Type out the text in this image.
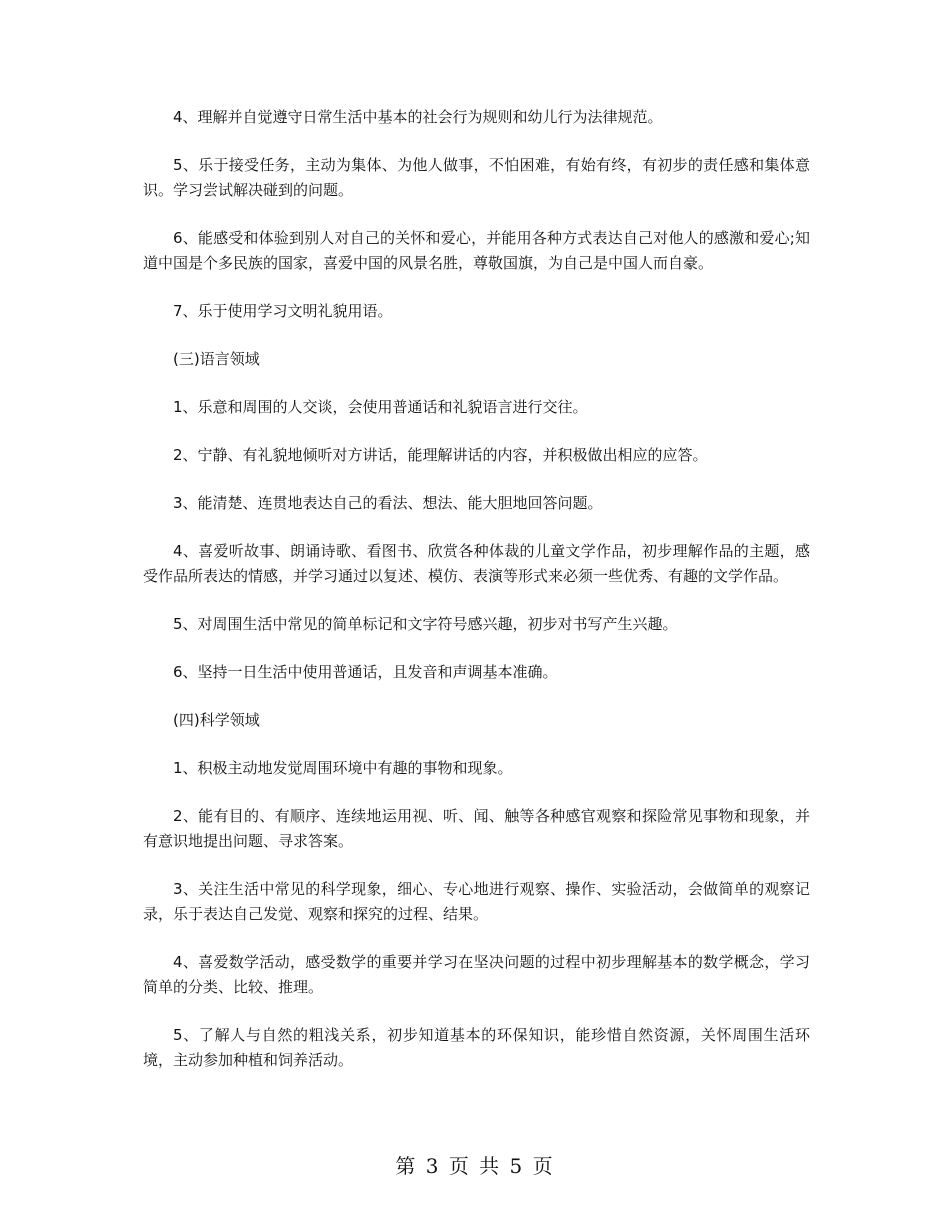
4、理解并自觉遵守日常生活中基本的社会行为规则和幼儿行为法律规范。

5、乐于接受任务，主动为集体、为他人做事，不怕困难，有始有终，有初步的责任感和集体意识。学习尝试解决碰到的问题。

6、能感受和体验到别人对自己的关怀和爱心，并能用各种方式表达自己对他人的感激和爱心;知道中国是个多民族的国家，喜爱中国的风景名胜，尊敬国旗，为自己是中国人而自豪。

7、乐于使用学习文明礼貌用语。

(三)语言领域

1、乐意和周围的人交谈，会使用普通话和礼貌语言进行交往。

2、宁静、有礼貌地倾听对方讲话，能理解讲话的内容，并积极做出相应的应答。

3、能清楚、连贯地表达自己的看法、想法、能大胆地回答问题。

4、喜爱听故事、朗诵诗歌、看图书、欣赏各种体裁的儿童文学作品，初步理解作品的主题，感受作品所表达的情感，并学习通过以复述、模仿、表演等形式来必须一些优秀、有趣的文学作品。

5、对周围生活中常见的简单标记和文字符号感兴趣，初步对书写产生兴趣。

6、坚持一日生活中使用普通话，且发音和声调基本准确。

(四)科学领域

1、积极主动地发觉周围环境中有趣的事物和现象。

2、能有目的、有顺序、连续地运用视、听、闻、触等各种感官观察和探险常见事物和现象，并有意识地提出问题、寻求答案。

3、关注生活中常见的科学现象，细心、专心地进行观察、操作、实验活动，会做简单的观察记录，乐于表达自己发觉、观察和探究的过程、结果。

4、喜爱数学活动，感受数学的重要并学习在坚决问题的过程中初步理解基本的数学概念，学习简单的分类、比较、推理。

5、了解人与自然的粗浅关系，初步知道基本的环保知识，能珍惜自然资源，关怀周围生活环境，主动参加种植和饲养活动。

第 3 页 共 5 页
